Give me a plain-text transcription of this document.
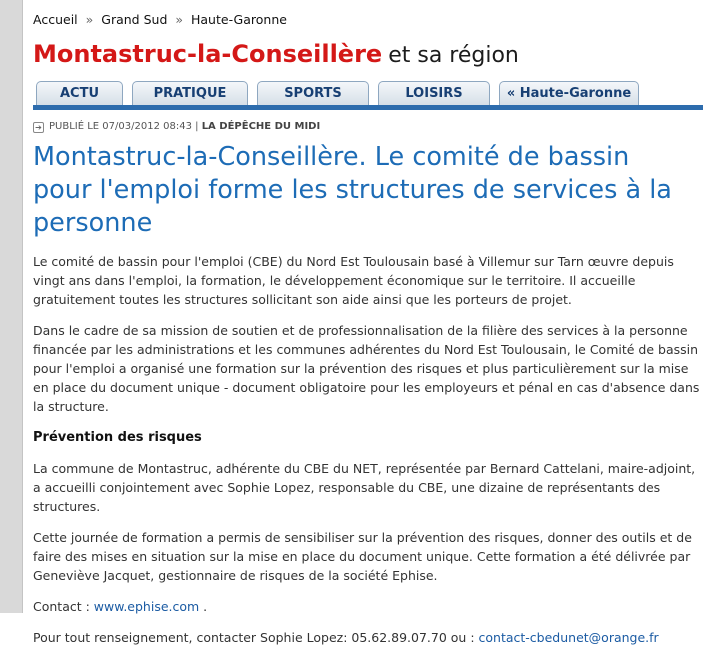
Accueil » Grand Sud » Haute-Garonne
Montastruc-la-Conseillère et sa région
ACTU	PRATIQUE	SPORTS	LOISIRS	« Haute-Garonne
➔ PUBLIÉ LE 07/03/2012 08:43 | LA DÉPÊCHE DU MIDI
Montastruc-la-Conseillère. Le comité de bassin pour l'emploi forme les structures de services à la personne

Le comité de bassin pour l'emploi (CBE) du Nord Est Toulousain basé à Villemur sur Tarn œuvre depuis vingt ans dans l'emploi, la formation, le développement économique sur le territoire. Il accueille gratuitement toutes les structures sollicitant son aide ainsi que les porteurs de projet.

Dans le cadre de sa mission de soutien et de professionnalisation de la filière des services à la personne financée par les administrations et les communes adhérentes du Nord Est Toulousain, le Comité de bassin pour l'emploi a organisé une formation sur la prévention des risques et plus particulièrement sur la mise en place du document unique - document obligatoire pour les employeurs et pénal en cas d'absence dans la structure.

Prévention des risques

La commune de Montastruc, adhérente du CBE du NET, représentée par Bernard Cattelani, maire-adjoint, a accueilli conjointement avec Sophie Lopez, responsable du CBE, une dizaine de représentants des structures.

Cette journée de formation a permis de sensibiliser sur la prévention des risques, donner des outils et de faire des mises en situation sur la mise en place du document unique. Cette formation a été délivrée par Geneviève Jacquet, gestionnaire de risques de la société Ephise.

Contact : www.ephise.com .

Pour tout renseignement, contacter Sophie Lopez: 05.62.89.07.70 ou : contact-cbedunet@orange.fr
